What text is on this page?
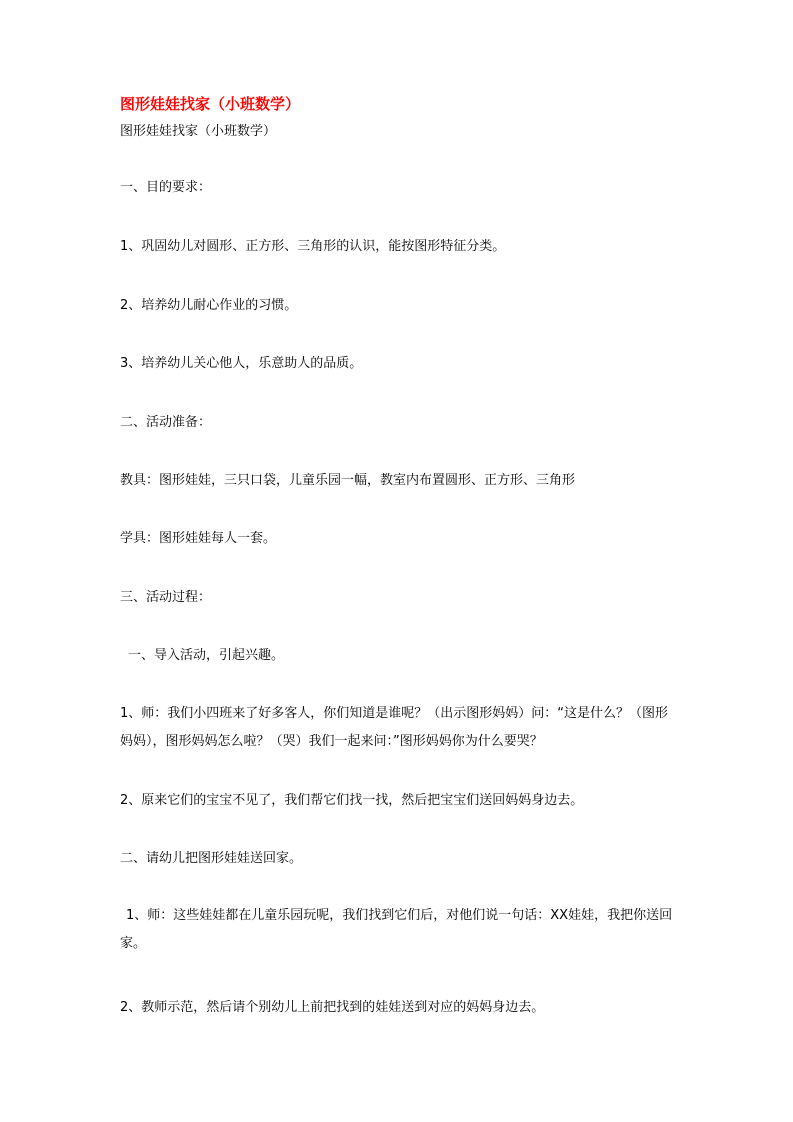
图形娃娃找家（小班数学）
图形娃娃找家（小班数学）
一、目的要求：
1、巩固幼儿对圆形、正方形、三角形的认识，能按图形特征分类。
2、培养幼儿耐心作业的习惯。
3、培养幼儿关心他人，乐意助人的品质。
二、活动准备：
教具：图形娃娃，三只口袋，儿童乐园一幅，教室内布置圆形、正方形、三角形
学具：图形娃娃每人一套。
三、活动过程：
一、导入活动，引起兴趣。
1、师：我们小四班来了好多客人，你们知道是谁呢？（出示图形妈妈）问：“这是什么？（图形妈妈），图形妈妈怎么啦？（哭）我们一起来问：”图形妈妈你为什么要哭？
2、原来它们的宝宝不见了，我们帮它们找一找，然后把宝宝们送回妈妈身边去。
二、请幼儿把图形娃娃送回家。
1、师：这些娃娃都在儿童乐园玩呢，我们找到它们后，对他们说一句话：XX娃娃，我把你送回家。
2、教师示范，然后请个别幼儿上前把找到的娃娃送到对应的妈妈身边去。
